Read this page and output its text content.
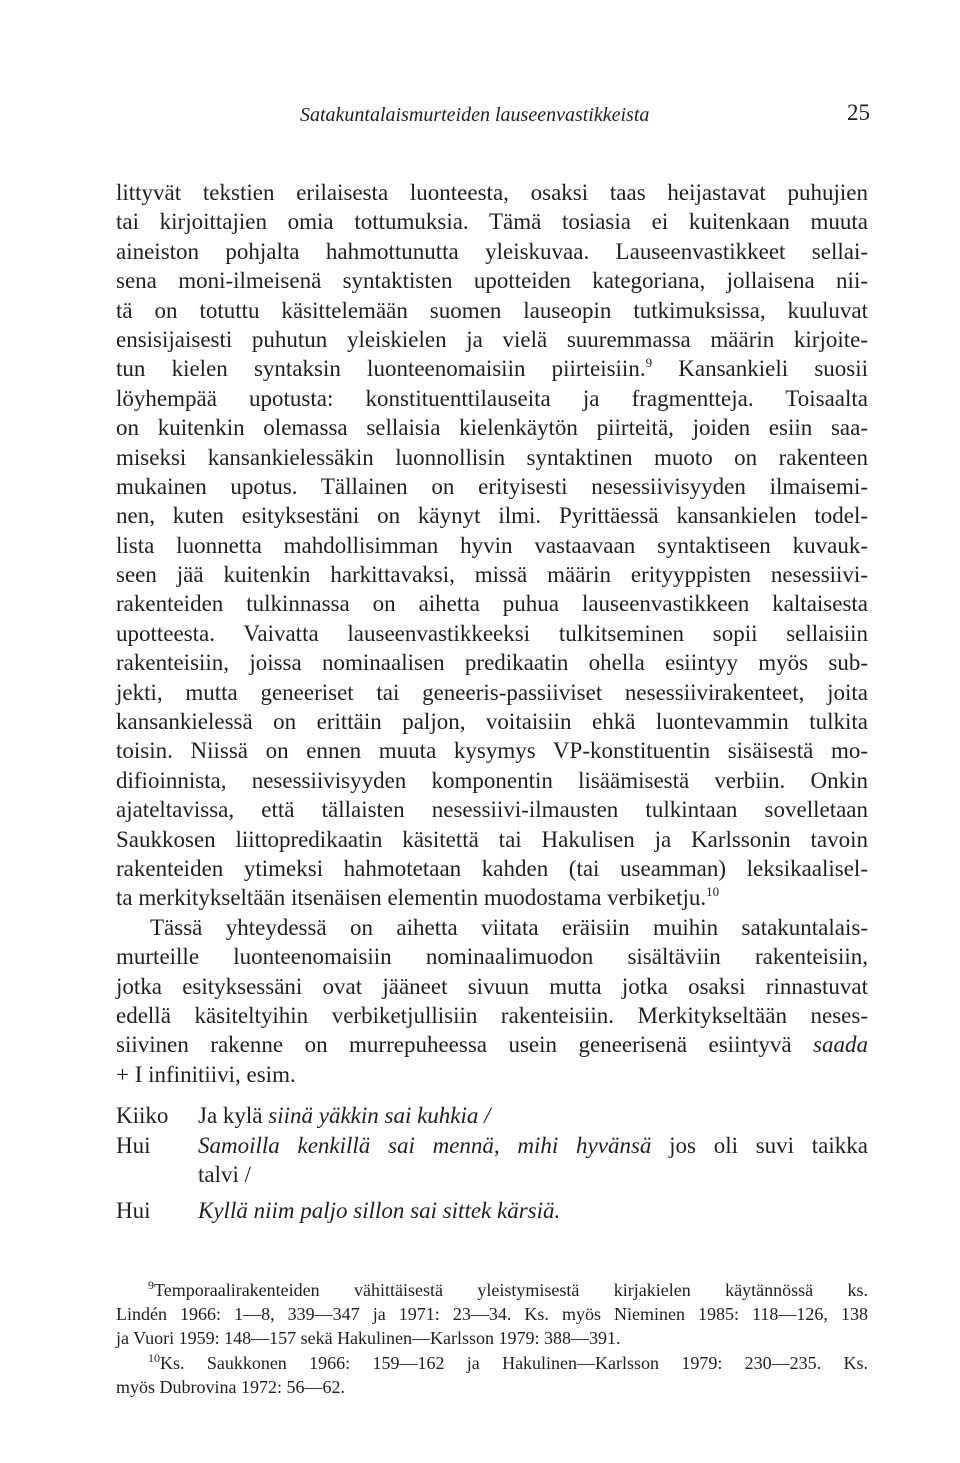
Satakuntalaismurteiden lauseenvastikkeista	25
littyvät tekstien erilaisesta luonteesta, osaksi taas heijastavat puhujien
tai kirjoittajien omia tottumuksia. Tämä tosiasia ei kuitenkaan muuta
aineiston pohjalta hahmottunutta yleiskuvaa. Lauseenvastikkeet sellai-
sena moni-ilmeisenä syntaktisten upotteiden kategoriana, jollaisena nii-
tä on totuttu käsittelemään suomen lauseopin tutkimuksissa, kuuluvat
ensisijaisesti puhutun yleiskielen ja vielä suuremmassa määrin kirjoite-
tun kielen syntaksin luonteenomaisiin piirteisiin.$^9$ Kansankieli suosii
löyhempää upotusta: konstituenttilauseita ja fragmentteja. Toisaalta
on kuitenkin olemassa sellaisia kielenkäytön piirteitä, joiden esiin saa-
miseksi kansankielessäkin luonnollisin syntaktinen muoto on rakenteen
mukainen upotus. Tällainen on erityisesti nesessiivisyyden ilmaisemi-
nen, kuten esityksestäni on käynyt ilmi. Pyrittäessä kansankielen todel-
lista luonnetta mahdollisimman hyvin vastaavaan syntaktiseen kuvauk-
seen jää kuitenkin harkittavaksi, missä määrin erityyppisten nesessiivi-
rakenteiden tulkinnassa on aihetta puhua lauseenvastikkeen kaltaisesta
upotteesta. Vaivatta lauseenvastikkeeksi tulkitseminen sopii sellaisiin
rakenteisiin, joissa nominaalisen predikaatin ohella esiintyy myös sub-
jekti, mutta geneeriset tai geneeris-passiiviset nesessiivirakenteet, joita
kansankielessä on erittäin paljon, voitaisiin ehkä luontevammin tulkita
toisin. Niissä on ennen muuta kysymys VP-konstituentin sisäisestä mo-
difioinnista, nesessiivisyyden komponentin lisäämisestä verbiin. Onkin
ajateltavissa, että tällaisten nesessiivi-ilmausten tulkintaan sovelletaan
Saukkosen liittopredikaatin käsitettä tai Hakulisen ja Karlssonin tavoin
rakenteiden ytimeksi hahmotetaan kahden (tai useamman) leksikaalisel-
ta merkitykseltään itsenäisen elementin muodostama verbiketju.$^{10}$
Tässä yhteydessä on aihetta viitata eräisiin muihin satakuntalais-
murteille luonteenomaisiin nominaalimuodon sisältäviin rakenteisiin,
jotka esityksessäni ovat jääneet sivuun mutta jotka osaksi rinnastuvat
edellä käsiteltyihin verbiketjullisiin rakenteisiin. Merkitykseltään neses-
siivinen rakenne on murrepuheessa usein geneerisenä esiintyvä saada
+ I infinitiivi, esim.
Kiiko	Ja kylä siinä yäkkin sai kuhkia /
Hui	Samoilla kenkillä sai mennä, mihi hyvänsä jos oli suvi taikka
talvi /
Hui	Kyllä niim paljo sillon sai sittek kärsiä.
$^9$Temporaalirakenteiden vähittäisestä yleistymisestä kirjakielen käytännössä ks.
Lindén 1966: 1—8, 339—347 ja 1971: 23—34. Ks. myös Nieminen 1985: 118—126, 138
ja Vuori 1959: 148—157 sekä Hakulinen—Karlsson 1979: 388—391.
$^{10}$Ks. Saukkonen 1966: 159—162 ja Hakulinen—Karlsson 1979: 230—235. Ks.
myös Dubrovina 1972: 56—62.
